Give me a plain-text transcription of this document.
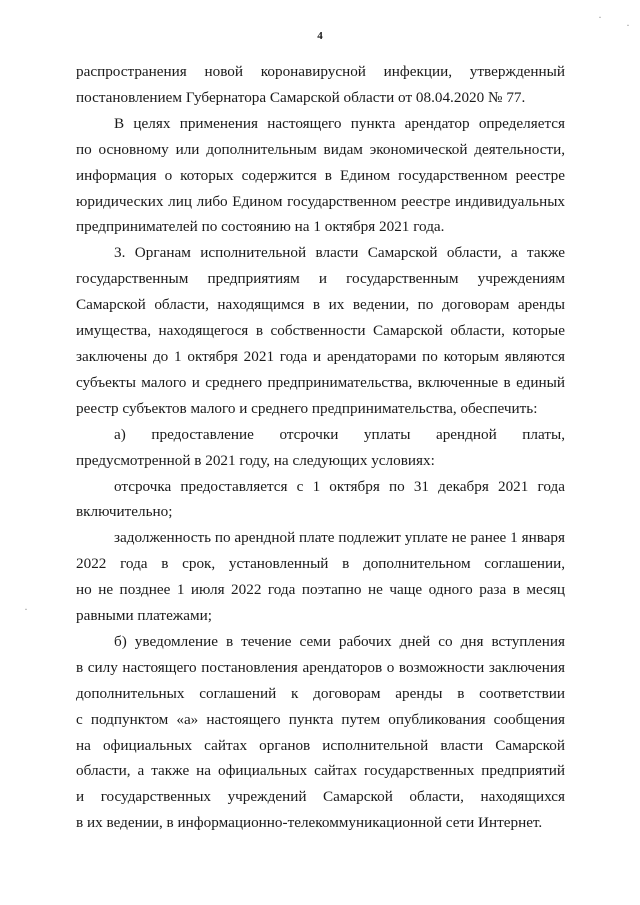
4

распространения новой коронавирусной инфекции, утвержденный

постановлением Губернатора Самарской области от 08.04.2020 № 77.

В целях применения настоящего пункта арендатор определяется

по основному или дополнительным видам экономической деятельности,

информация о которых содержится в Едином государственном реестре

юридических лиц либо Едином государственном реестре индивидуальных

предпринимателей по состоянию на 1 октября 2021 года.

3. Органам исполнительной власти Самарской области, а также

государственным предприятиям и государственным учреждениям

Самарской области, находящимся в их ведении, по договорам аренды

имущества, находящегося в собственности Самарской области, которые

заключены до 1 октября 2021 года и арендаторами по которым являются

субъекты малого и среднего предпринимательства, включенные в единый

реестр субъектов малого и среднего предпринимательства, обеспечить:

а) предоставление отсрочки уплаты арендной платы,

предусмотренной в 2021 году, на следующих условиях:

отсрочка предоставляется с 1 октября по 31 декабря 2021 года

включительно;

задолженность по арендной плате подлежит уплате не ранее 1 января

2022 года в срок, установленный в дополнительном соглашении,

но не позднее 1 июля 2022 года поэтапно не чаще одного раза в месяц

равными платежами;

б) уведомление в течение семи рабочих дней со дня вступления

в силу настоящего постановления арендаторов о возможности заключения

дополнительных соглашений к договорам аренды в соответствии

с подпунктом «а» настоящего пункта путем опубликования сообщения

на официальных сайтах органов исполнительной власти Самарской

области, а также на официальных сайтах государственных предприятий

и государственных учреждений Самарской области, находящихся

в их ведении, в информационно-телекоммуникационной сети Интернет.

·
·
·
